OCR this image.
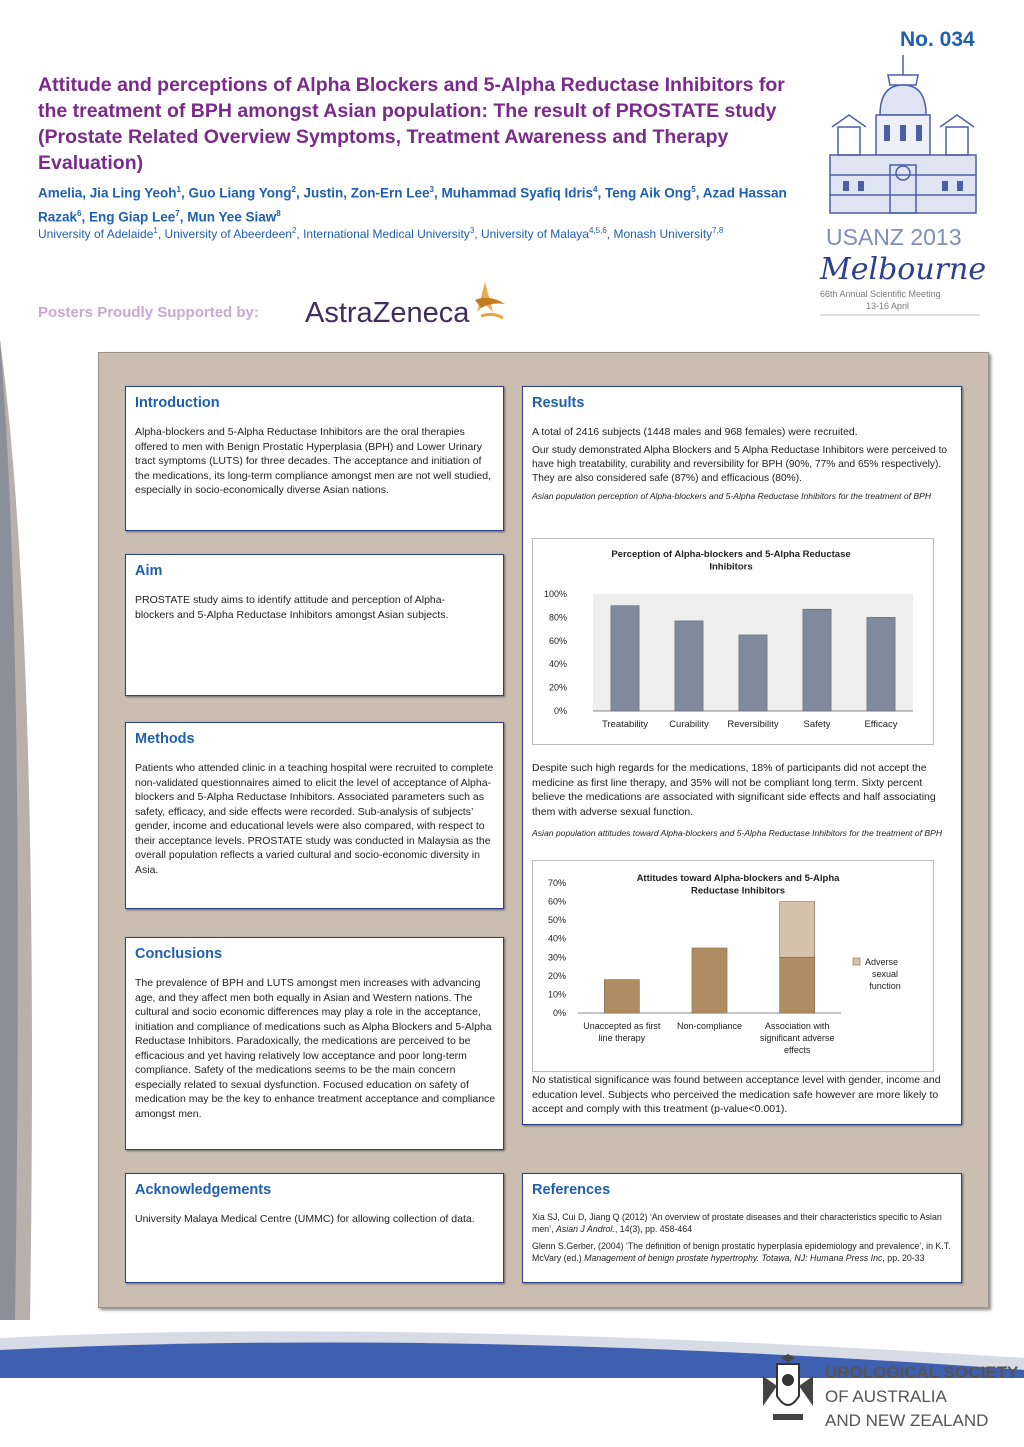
No. 034
Attitude and perceptions of Alpha Blockers and 5-Alpha Reductase Inhibitors for the treatment of BPH amongst Asian population: The result of PROSTATE study (Prostate Related Overview Symptoms, Treatment Awareness and Therapy Evaluation)
Amelia, Jia Ling Yeoh$^1$, Guo Liang Yong$^2$, Justin, Zon-Ern Lee$^3$, Muhammad Syafiq Idris$^4$, Teng Aik Ong$^5$, Azad Hassan Razak$^6$, Eng Giap Lee$^7$, Mun Yee Siaw$^8$
University of Adelaide$^1$, University of Abeerdeen$^2$, International Medical University$^3$, University of Malaya$^{4,5,6}$, Monash University$^{7,8}$
Posters Proudly Supported by: AstraZeneca
USANZ 2013
Melbourne
66th Annual Scientific Meeting
13-16 April
Introduction
Alpha-blockers and 5-Alpha Reductase Inhibitors are the oral therapies offered to men with Benign Prostatic Hyperplasia (BPH) and Lower Urinary tract symptoms (LUTS) for three decades. The acceptance and initiation of the medications, its long-term compliance amongst men are not well studied, especially in socio-economically diverse Asian nations.
Aim
PROSTATE study aims to identify attitude and perception of Alpha-blockers and 5-Alpha Reductase Inhibitors amongst Asian subjects.
Methods
Patients who attended clinic in a teaching hospital were recruited to complete non-validated questionnaires aimed to elicit the level of acceptance of Alpha-blockers and 5-Alpha Reductase Inhibitors. Associated parameters such as safety, efficacy, and side effects were recorded. Sub-analysis of subjects’ gender, income and educational levels were also compared, with respect to their acceptance levels. PROSTATE study was conducted in Malaysia as the overall population reflects a varied cultural and socio-economic diversity in Asia.
Conclusions
The prevalence of BPH and LUTS amongst men increases with advancing age, and they affect men both equally in Asian and Western nations. The cultural and socio economic differences may play a role in the acceptance, initiation and compliance of medications such as Alpha Blockers and 5-Alpha Reductase Inhibitors. Paradoxically, the medications are perceived to be efficacious and yet having relatively low acceptance and poor long-term compliance. Safety of the medications seems to be the main concern especially related to sexual dysfunction. Focused education on safety of medication may be the key to enhance treatment acceptance and compliance amongst men.
Acknowledgements
University Malaya Medical Centre (UMMC) for allowing collection of data.
Results

A total of 2416 subjects (1448 males and 968 females) were recruited.

Our study demonstrated Alpha Blockers and 5 Alpha Reductase Inhibitors were perceived to have high treatability, curability and reversibility for BPH (90%, 77% and 65% respectively). They are also considered safe (87%) and efficacious (80%).

Asian population perception of Alpha-blockers and 5-Alpha Reductase Inhibitors for the treatment of BPH

Perception of Alpha-blockers and 5-Alpha Reductase
Inhibitors
0%
20%
40%
60%
80%
100%
Treatability Curability Reversibility	Safety	Efficacy

Despite such high regards for the medications, 18% of participants did not accept the medicine as first line therapy, and 35% will not be compliant long term. Sixty percent believe the medications are associated with significant side effects and half associating them with adverse sexual function.

Asian population attitudes toward Alpha-blockers and 5-Alpha Reductase Inhibitors for the treatment of BPH

Attitudes toward Alpha-blockers and 5-Alpha
Reductase Inhibitors
0%
10%
20%
30%
40%
50%
60%
70%
Unaccepted as first
line therapy
Non-compliance	Association with
significant adverse
effects
Adverse
sexual
function
No statistical significance was found between acceptance level with gender, income and education level. Subjects who perceived the medication safe however are more likely to accept and comply with this treatment (p-value<0.001).
References

Xia SJ, Cui D, Jiang Q (2012) ‘An overview of prostate diseases and their characteristics specific to Asian men’, Asian J Androl., 14(3), pp. 458-464

Glenn S.Gerber, (2004) ‘The definition of benign prostatic hyperplasia epidemiology and prevalence’, in K.T. McVary (ed.) Management of benign prostate hypertrophy. Totawa, NJ: Humana Press Inc, pp. 20-33

UROLOGICAL SOCIETY
OF AUSTRALIA
AND NEW ZEALAND
